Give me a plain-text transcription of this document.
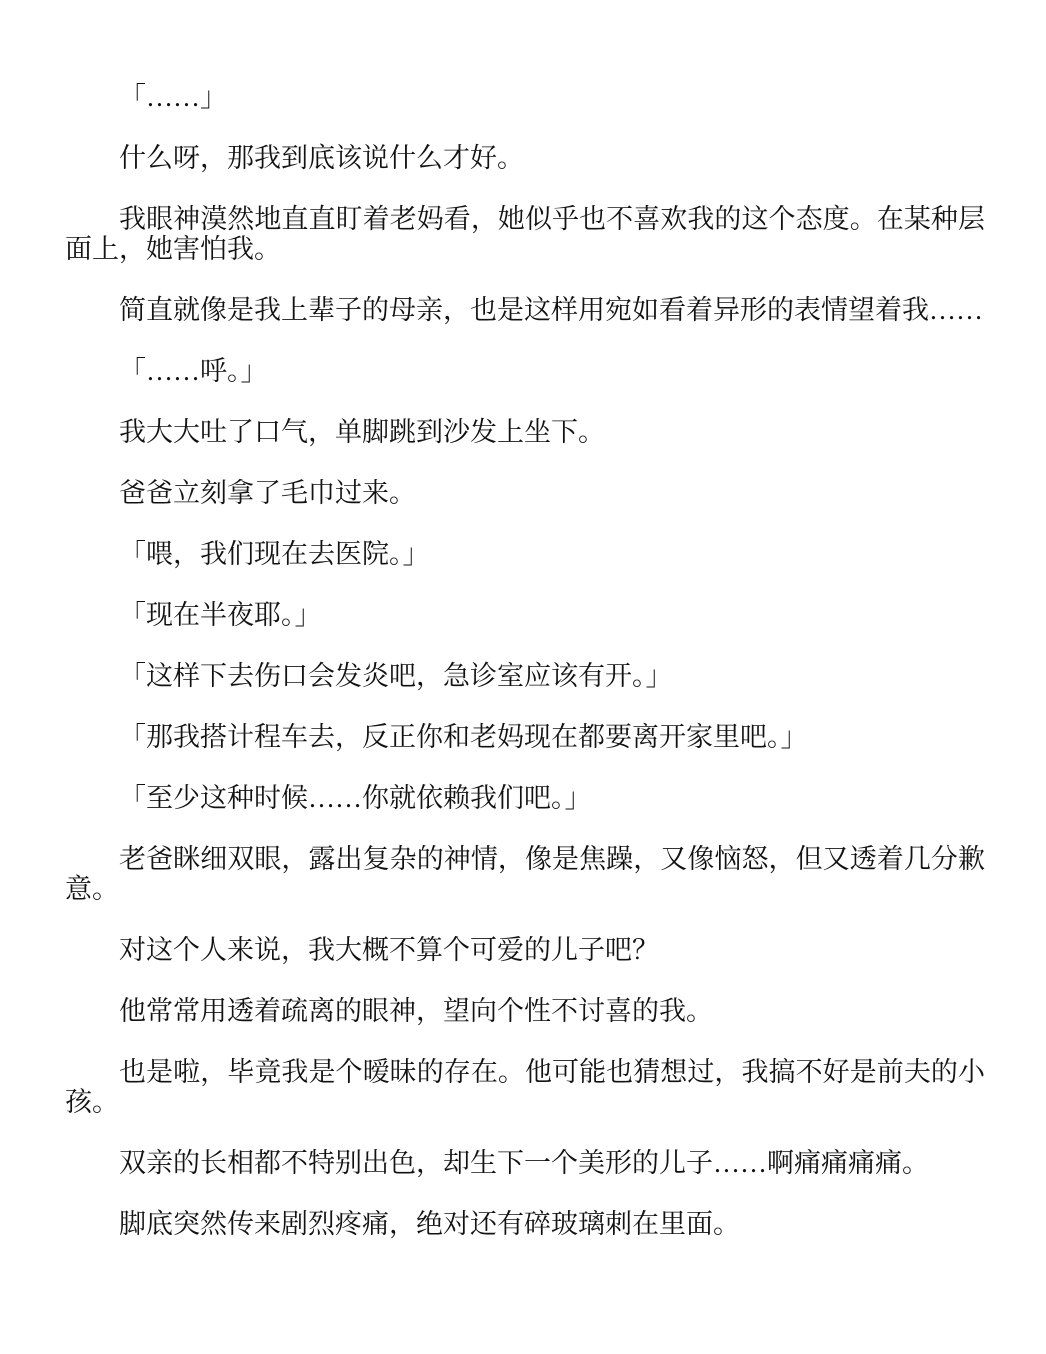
「……」

什么呀，那我到底该说什么才好。

我眼神漠然地直直盯着老妈看，她似乎也不喜欢我的这个态度。在某种层面上，她害怕我。

简直就像是我上辈子的母亲，也是这样用宛如看着异形的表情望着我……

「……呼。」

我大大吐了口气，单脚跳到沙发上坐下。

爸爸立刻拿了毛巾过来。

「喂，我们现在去医院。」

「现在半夜耶。」

「这样下去伤口会发炎吧，急诊室应该有开。」

「那我搭计程车去，反正你和老妈现在都要离开家里吧。」

「至少这种时候……你就依赖我们吧。」

老爸眯细双眼，露出复杂的神情，像是焦躁，又像恼怒，但又透着几分歉意。

对这个人来说，我大概不算个可爱的儿子吧？

他常常用透着疏离的眼神，望向个性不讨喜的我。

也是啦，毕竟我是个暧昧的存在。他可能也猜想过，我搞不好是前夫的小孩。

双亲的长相都不特别出色，却生下一个美形的儿子……啊痛痛痛痛。

脚底突然传来剧烈疼痛，绝对还有碎玻璃刺在里面。
